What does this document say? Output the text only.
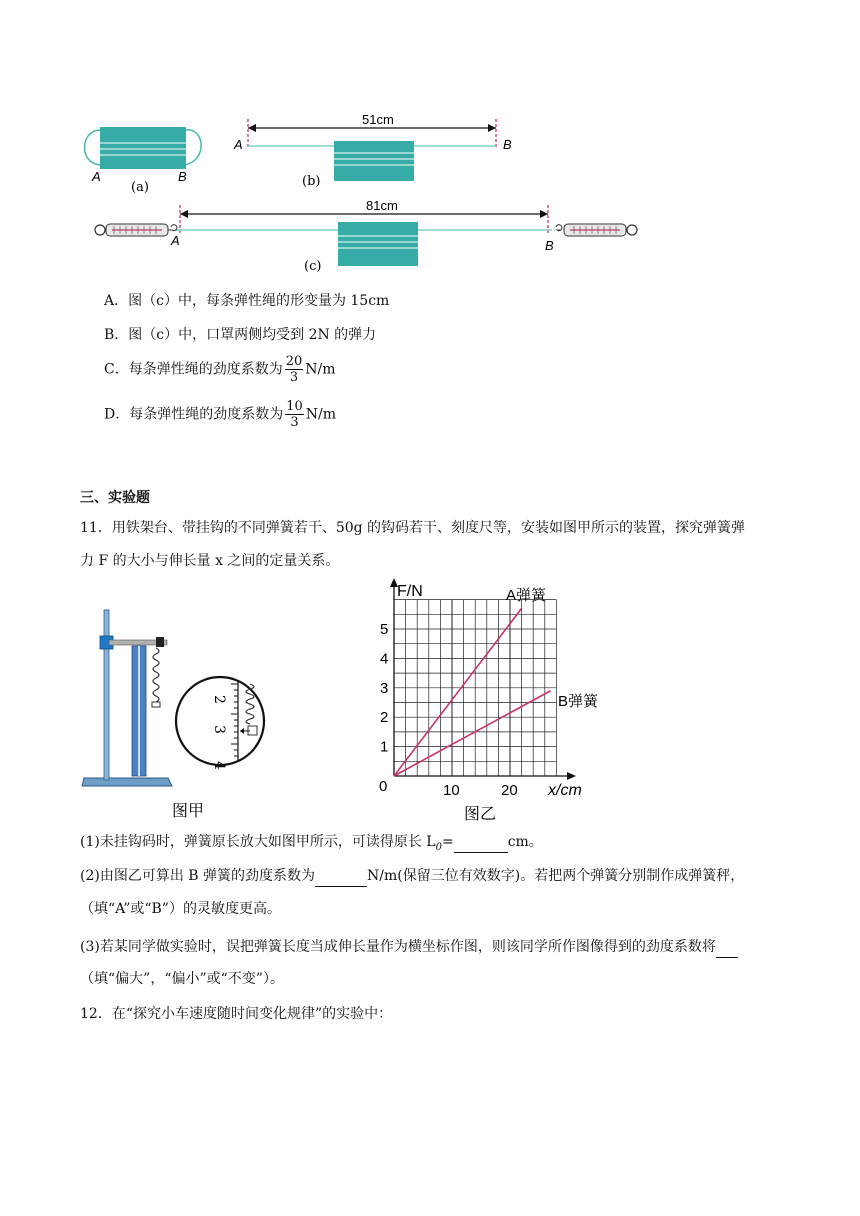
A	B
(a)
51cm
A	B
(b)
81cm
A	B
(c)
A．图（c）中，每条弹性绳的形变量为 15cm
B．图（c）中，口罩两侧均受到 2N 的弹力
C．每条弹性绳的劲度系数为 $\frac{20}{3} N/m$
D．每条弹性绳的劲度系数为 $\frac{10}{3} N/m$
三、实验题
11．用铁架台、带挂钩的不同弹簧若干、50g 的钩码若干、刻度尺等，安装如图甲所示的装置，探究弹簧弹
力 F 的大小与伸长量 x 之间的定量关系。
2
3
4
图甲
1
2
3
4
5
10	20
F/N
x/cm
0
A弹簧
B弹簧
图乙
(1)未挂钩码时，弹簧原长放大如图甲所示，可读得原长 $L_0=$	cm。
(2)由图乙可算出 B 弹簧的劲度系数为	N/m(保留三位有效数字)。若把两个弹簧分别制作成弹簧秤，
（填“A”或“B”）的灵敏度更高。
(3)若某同学做实验时，误把弹簧长度当成伸长量作为横坐标作图，则该同学所作图像得到的劲度系数将
（填“偏大”，“偏小”或“不变”）。
12．在“探究小车速度随时间变化规律”的实验中：
